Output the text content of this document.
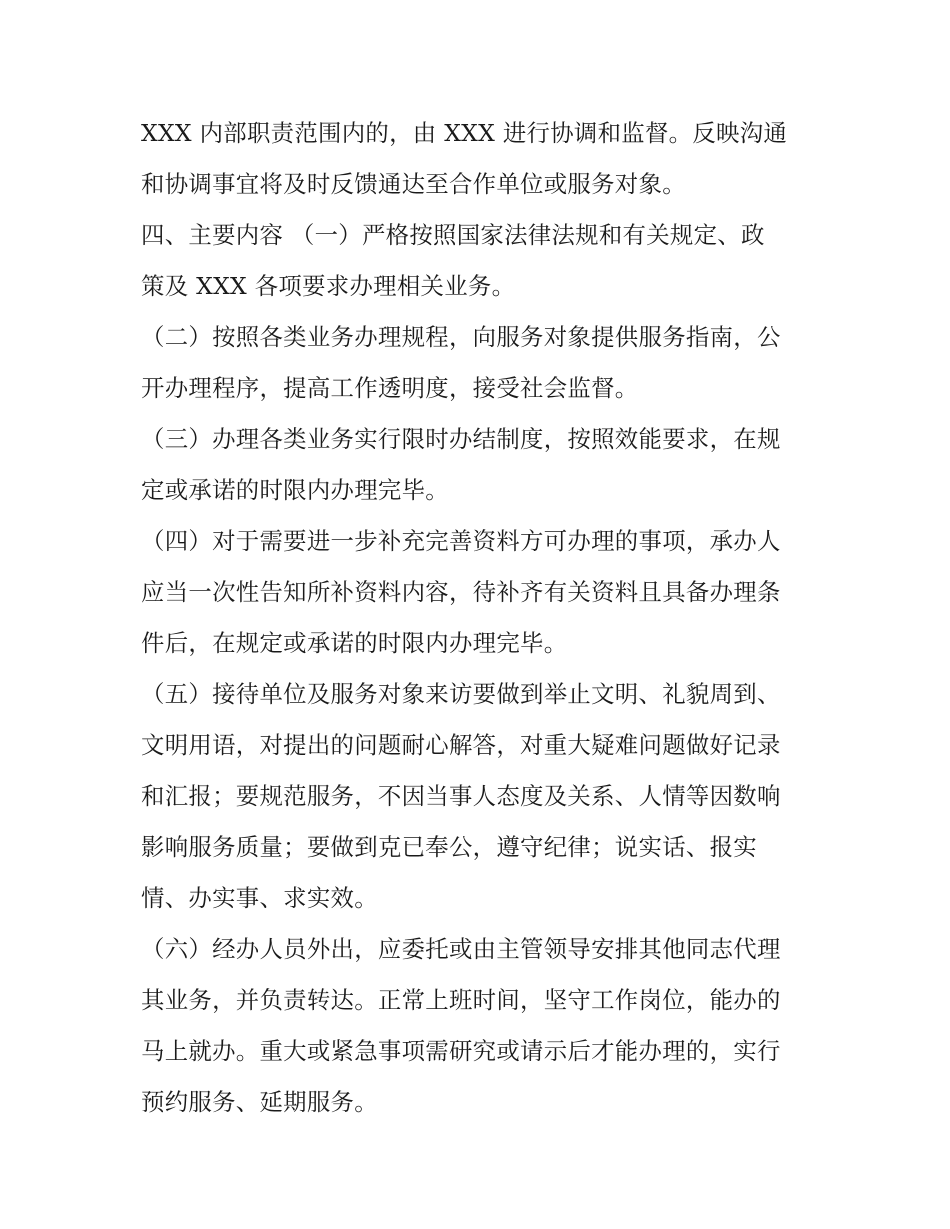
XXX 内部职责范围内的，由 XXX 进行协调和监督。反映沟通
和协调事宜将及时反馈通达至合作单位或服务对象。
四、主要内容 （一）严格按照国家法律法规和有关规定、政
策及 XXX 各项要求办理相关业务。
（二）按照各类业务办理规程，向服务对象提供服务指南，公
开办理程序，提高工作透明度，接受社会监督。
（三）办理各类业务实行限时办结制度，按照效能要求，在规
定或承诺的时限内办理完毕。
（四）对于需要进一步补充完善资料方可办理的事项，承办人
应当一次性告知所补资料内容，待补齐有关资料且具备办理条
件后，在规定或承诺的时限内办理完毕。
（五）接待单位及服务对象来访要做到举止文明、礼貌周到、
文明用语，对提出的问题耐心解答，对重大疑难问题做好记录
和汇报；要规范服务，不因当事人态度及关系、人情等因数响
影响服务质量；要做到克已奉公，遵守纪律；说实话、报实
情、办实事、求实效。
（六）经办人员外出，应委托或由主管领导安排其他同志代理
其业务，并负责转达。正常上班时间，坚守工作岗位，能办的
马上就办。重大或紧急事项需研究或请示后才能办理的，实行
预约服务、延期服务。
